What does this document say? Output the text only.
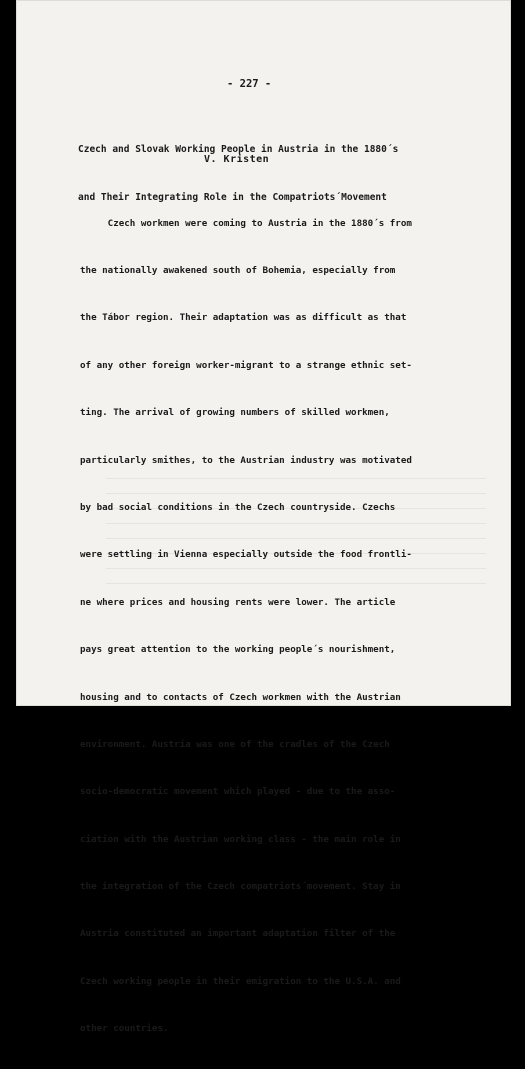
- 227 -

Czech and Slovak Working People in Austria in the 1880´s

and Their Integrating Role in the Compatriots´Movement

V. Kristen

Czech workmen were coming to Austria in the 1880´s from

the nationally awakened south of Bohemia, especially from

the Tábor region. Their adaptation was as difficult as that

of any other foreign worker-migrant to a strange ethnic set-

ting. The arrival of growing numbers of skilled workmen,

particularly smithes, to the Austrian industry was motivated

by bad social conditions in the Czech countryside. Czechs

were settling in Vienna especially outside the food frontli-

ne where prices and housing rents were lower. The article

pays great attention to the working people´s nourishment,

housing and to contacts of Czech workmen with the Austrian

environment. Austria was one of the cradles of the Czech

socio-democratic movement which played - due to the asso-

ciation with the Austrian working class - the main role in

the integration of the Czech compatriots´movement. Stay in

Austria constituted an important adaptation filter of the

Czech working people in their emigration to the U.S.A. and

other countries.
